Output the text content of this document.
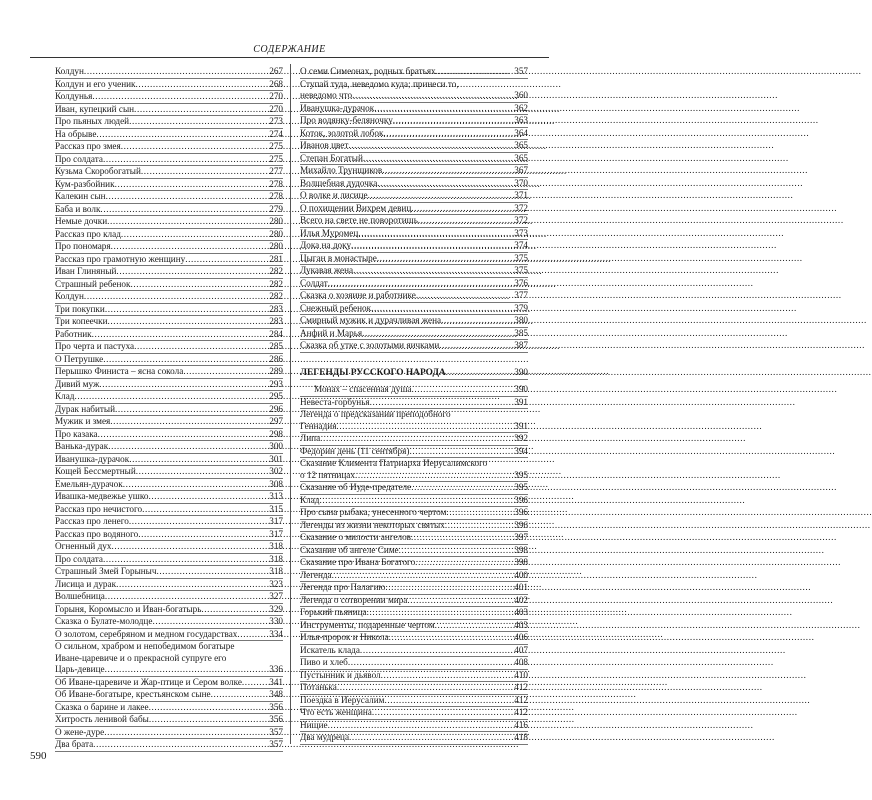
СОДЕРЖАНИЕ
Колдун .....	267
Колдун и его ученик .....	268
Колдунья .....	270
Иван, купецкий сын .....	270
Про пьяных людей .....	273
На обрыве .....	274
Рассказ про змея .....	275
Про солдата .....	275
Кузьма Скоробогатый .....	277
Кум-разбойник .....	278
Калекин сын .....	278
Баба и волк .....	279
Немые дочки .....	280
Рассказ про клад .....	280
Про пономаря .....	280
Рассказ про грамотную женщину .....	281
Иван Глиняный .....	282
Страшный ребенок .....	282
Колдун .....	282
Три покупки .....	283
Три копеечки .....	283
Работник .....	284
Про черта и пастуха .....	285
О Петрушке .....	286
Перышко Финиста – ясна сокола .....	289
Дивий муж .....	293
Клад .....	295
Дурак набитый .....	296
Мужик и змея .....	297
Про казака .....	298
Ванька-дурак .....	300
Иванушка-дурачок .....	301
Кощей Бессмертный .....	302
Емельян-дурачок .....	308
Ивашка-медвежье ушко .....	313
Рассказ про нечистого .....	315
Рассказ про ленего .....	317
Рассказ про водяного .....	317
Огненный дух .....	318
Про солдата .....	318
Страшный Змей Горыныч .....	318
Лисица и дурак .....	323
Волшебница .....	327
Горыня, Коромысло и Иван-богатырь .....	329
Сказка о Булате-молодце .....	330
О золотом, серебряном и медном государствах .....	334
О сильном, храбром и непобедимом богатыре
Иване-царевиче и о прекрасной супруге его
Царь-девице .....	336
Об Иване-царевиче и Жар-птице и Сером волке .....	341
Об Иване-богатыре, крестьянском сыне .....	348
Сказка о барине и лакее .....	356
Хитрость ленивой бабы .....	356
О жене-дуре .....	357
Два брата .....	357
О семи Симеонах, родных братьях .....	357
Ступай туда, неведомо куда; принеси то,
неведомо что .....	360
Иванушка-дурачок .....	362
Про водянку-беляночку .....	363
Коток, золотой лобок .....	364
Иванов цвет .....	365
Степан Богатый .....	365
Михайло Трунщиков .....	367
Волшебная дудочка .....	370
О волке и лисице .....	371
О похищении Вихрем девиц .....	372
Всего на свете не поворотишь .....	372
Илья Муромец .....	373
Дока на доку .....	374
Цыган в монастыре .....	375
Лукавая жена .....	375
Солдат .....	376
Сказка о хозяине и работнике .....	377
Снежный ребенок .....	379
Смирный мужик и дурачливая жена .....	380
Анфий и Марья .....	385
Сказка об утке с золотыми яичками .....	387
ЛЕГЕНДЫ РУССКОГО НАРОДА .....	390
Монах – спасенная душа .....	390
Невеста-горбунья .....	391
Легенда о предсказании преподобного
Геннадия .....	391
Липа .....	392
Федорин день (11 сентября) .....	394
Сказание Климента Патриарха Иерусалимского
о 12 пятницах .....	395
Сказание об Иуде-предателе .....	395
Клад .....	396
Про сына рыбака, унесенного чертом .....	396
Легенды из жизни некоторых святых .....	396
Сказание о милости ангелов .....	397
Сказание об ангеле Симе .....	398
Сказание про Ивана Богатого .....	398
Легенда .....	400
Легенда про Палагию .....	401
Легенда о сотворении мира .....	402
Горький пьяница .....	403
Инструменты, подаренные чертом .....	403
Илья-пророк и Никола .....	406
Искатель клада .....	407
Пиво и хлеб .....	408
Пустынник и дьявол .....	410
Потанька .....	412
Поездка в Иерусалим .....	412
Что есть женщина .....	412
Нищие .....	416
Два мудреца .....	418
590
